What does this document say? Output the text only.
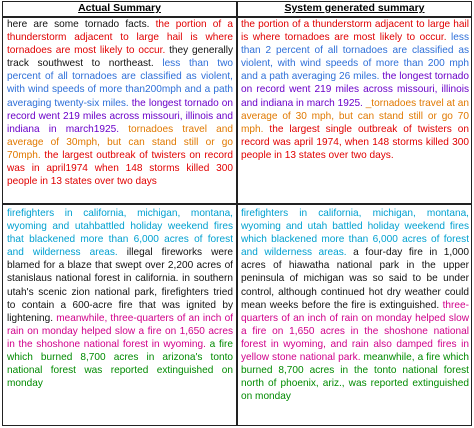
Actual Summary	System generated summary
here are some tornado facts. the portion of a thunderstorm adjacent to large hail is where tornadoes are most likely to occur. they generally track southwest to northeast. less than two percent of all tornadoes are classified as violent, with wind speeds of more than200mph and a path averaging twenty-six miles. the longest tornado on record went 219 miles across missouri, illinois and indiana in march1925. tornadoes travel and average of 30mph, but can stand still or go 70mph. the largest outbreak of twisters on record was in april1974 when 148 storms killed 300 people in 13 states over two days
the portion of a thunderstorm adjacent to large hail is where tornadoes are most likely to occur. less than 2 percent of all tornadoes are classified as violent, with wind speeds of more than 200 mph and a path averaging 26 miles. the longest tornado on record went 219 miles across missouri, illinois and indiana in march 1925. _tornadoes travel at an average of 30 mph, but can stand still or go 70 mph. the largest single outbreak of twisters on record was april 1974, when 148 storms killed 300 people in 13 states over two days.
firefighters in california, michigan, montana, wyoming and utahbattled holiday weekend fires that blackened more than 6,000 acres of forest and wilderness areas. illegal fireworks were blamed for a blaze that swept over 2,200 acres of stanislaus national forest in california. in southern utah's scenic zion national park, firefighters tried to contain a 600-acre fire that was ignited by lightening. meanwhile, three-quarters of an inch of rain on monday helped slow a fire on 1,650 acres in the shoshone national forest in wyoming. a fire which burned 8,700 acres in arizona's tonto national forest was reported extinguished on monday
firefighters in california, michigan, montana, wyoming and utah battled holiday weekend fires which blackened more than 6,000 acres of forest and wilderness areas. a four-day fire in 1,000 acres of hiawatha national park in the upper peninsula of michigan was so said to be under control, although continued hot dry weather could mean weeks before the fire is extinguished. three-quarters of an inch of rain on monday helped slow a fire on 1,650 acres in the shoshone national forest in wyoming, and rain also damped fires in yellow stone national park. meanwhile, a fire which burned 8,700 acres in the tonto national forest north of phoenix, ariz., was reported extinguished on monday
